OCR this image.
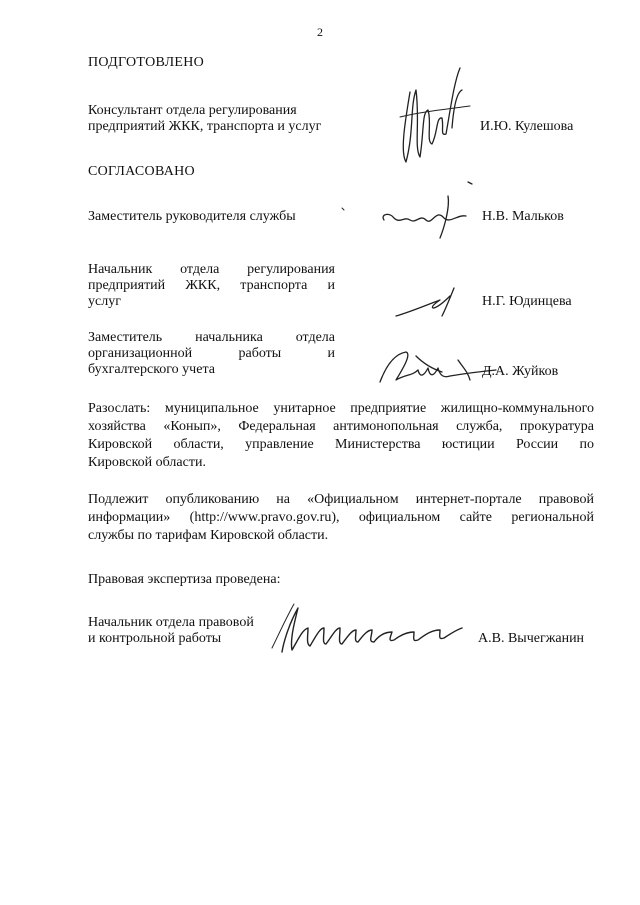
2
ПОДГОТОВЛЕНО
Консультант отдела регулирования
предприятий ЖКК, транспорта и услуг	И.Ю. Кулешова
СОГЛАСОВАНО
Заместитель руководителя службы	Н.В. Мальков
Начальник отдела регулирования
предприятий ЖКК, транспорта и
услуг	Н.Г. Юдинцева
Заместитель начальника отдела
организационной работы и
бухгалтерского учета	Д.А. Жуйков
Разослать: муниципальное унитарное предприятие жилищно-коммунального
хозяйства «Конып», Федеральная антимонопольная служба, прокуратура
Кировской области, управление Министерства юстиции России по
Кировской области.
Подлежит опубликованию на «Официальном интернет-портале правовой
информации» (http://www.pravo.gov.ru), официальном сайте региональной
службы по тарифам Кировской области.
Правовая экспертиза проведена:
Начальник отдела правовой
и контрольной работы	А.В. Вычегжанин
